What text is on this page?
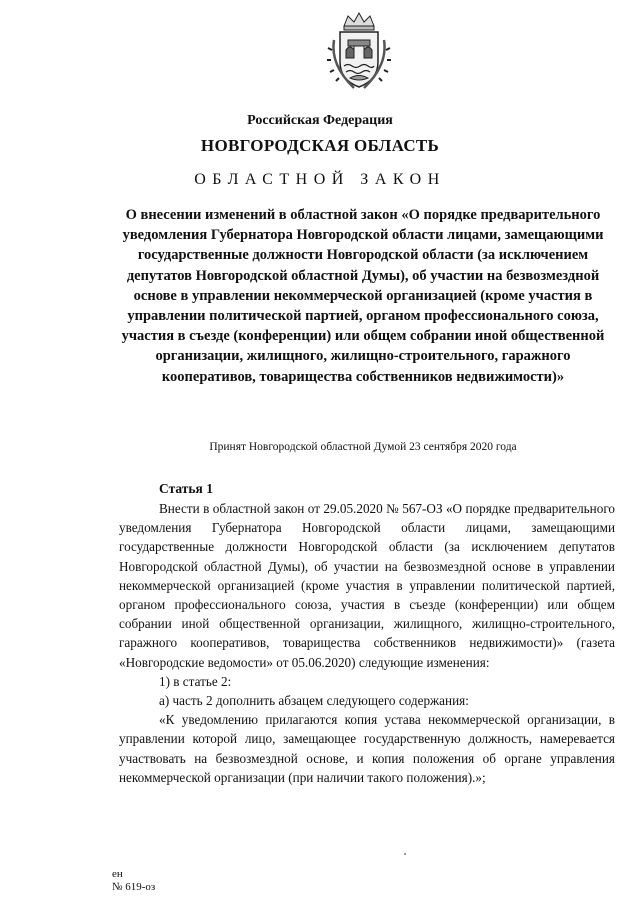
Российская Федерация
НОВГОРОДСКАЯ ОБЛАСТЬ
ОБЛАСТНОЙ ЗАКОН
О внесении изменений в областной закон «О порядке предварительного уведомления Губернатора Новгородской области лицами, замещающими государственные должности Новгородской области (за исключением депутатов Новгородской областной Думы), об участии на безвозмездной основе в управлении некоммерческой организацией (кроме участия в управлении политической партией, органом профессионального союза, участия в съезде (конференции) или общем собрании иной общественной организации, жилищного, жилищно-строительного, гаражного кооперативов, товарищества собственников недвижимости)»
Принят Новгородской областной Думой 23 сентября 2020 года
Статья 1

Внести в областной закон от 29.05.2020 № 567-ОЗ «О порядке предварительного уведомления Губернатора Новгородской области лицами, замещающими государственные должности Новгородской области (за исключением депутатов Новгородской областной Думы), об участии на безвозмездной основе в управлении некоммерческой организацией (кроме участия в управлении политической партией, органом профессионального союза, участия в съезде (конференции) или общем собрании иной общественной организации, жилищного, жилищно-строительного, гаражного кооперативов, товарищества собственников недвижимости)» (газета «Новгородские ведомости» от 05.06.2020) следующие изменения:

1) в статье 2:

а) часть 2 дополнить абзацем следующего содержания:

«К уведомлению прилагаются копия устава некоммерческой организации, в управлении которой лицо, замещающее государственную должность, намеревается участвовать на безвозмездной основе, и копия положения об органе управления некоммерческой организации (при наличии такого положения).»;

ен
№ 619-оз
